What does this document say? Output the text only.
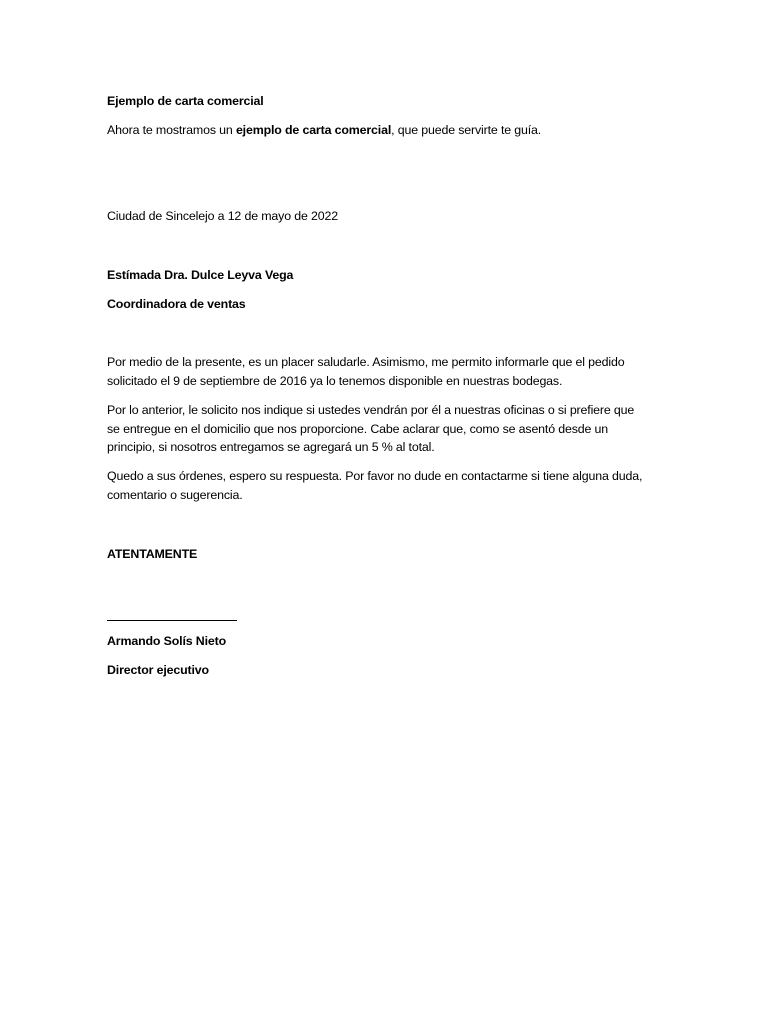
Ejemplo de carta comercial

Ahora te mostramos un ejemplo de carta comercial, que puede servirte te guía.

Ciudad de Sincelejo a 12 de mayo de 2022

Estímada Dra. Dulce Leyva Vega

Coordinadora de ventas

Por medio de la presente, es un placer saludarle. Asimismo, me permito informarle que el pedido solicitado el 9 de septiembre de 2016 ya lo tenemos disponible en nuestras bodegas.

Por lo anterior, le solicito nos indique si ustedes vendrán por él a nuestras oficinas o si prefiere que se entregue en el domicilio que nos proporcione. Cabe aclarar que, como se asentó desde un principio, si nosotros entregamos se agregará un 5 % al total.

Quedo a sus órdenes, espero su respuesta. Por favor no dude en contactarme si tiene alguna duda, comentario o sugerencia.

ATENTAMENTE

Armando Solís Nieto

Director ejecutivo
